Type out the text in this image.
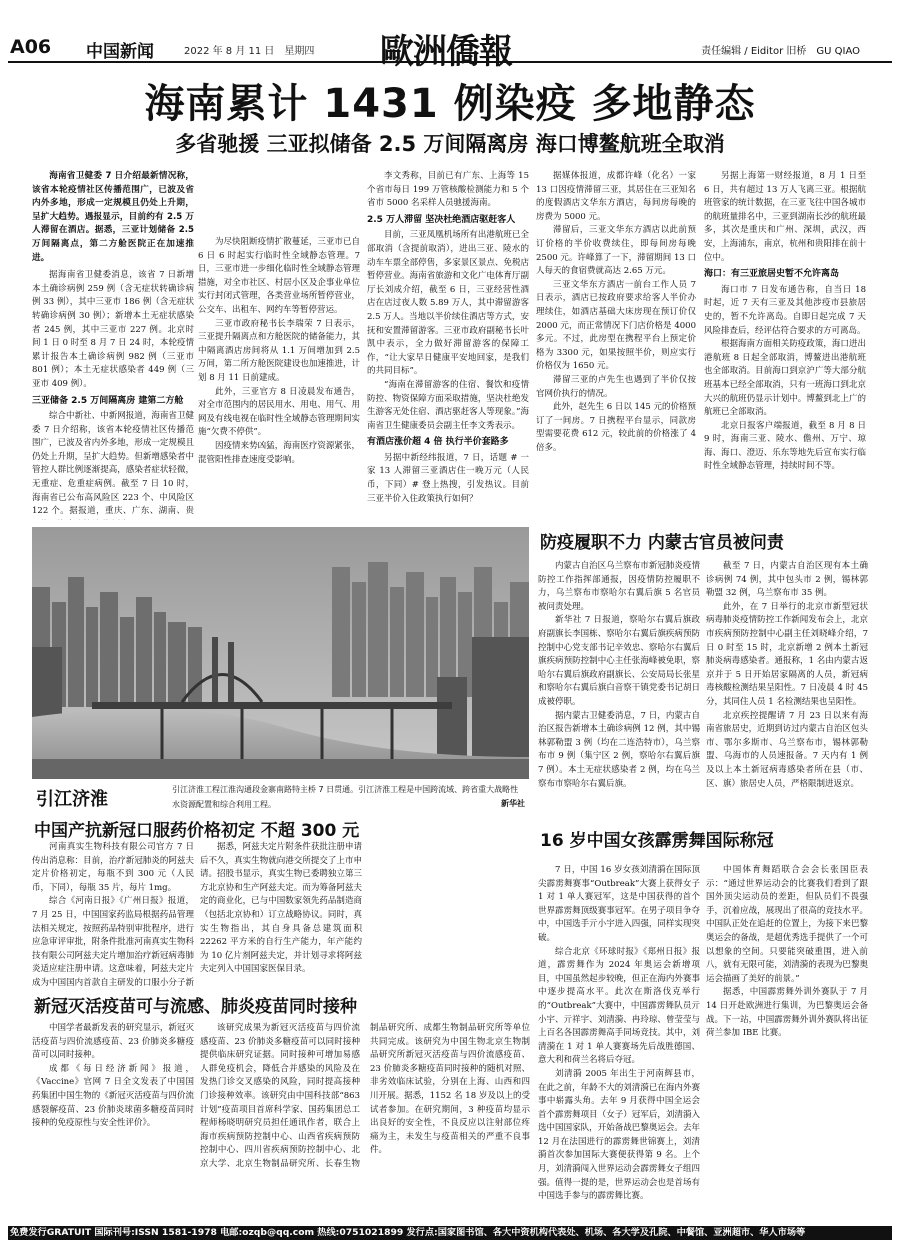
A06 中国新闻	2022 年 8 月 11 日　星期四 歐洲僑報	责任编辑 / Eiditor 旧桥　GU QIAO
海南累计 1431 例染疫 多地静态
多省驰援 三亚拟储备 2.5 万间隔离房 海口博鳌航班全取消

海南省卫健委 7 日介绍最新情况称，该省本轮疫情社区传播范围广，已波及省内外多地，形成一定规模且仍处上升期，呈扩大趋势。遇报显示，目前约有 2.5 万人滞留在酒店。据悉，三亚计划储备 2.5 万间隔离点，第二方舱医院正在加速推进。

据海南省卫健委消息，该省 7 日新增本土确诊病例 259 例（含无症状转确诊病例 33 例），其中三亚市 186 例（含无症状转确诊病例 30 例）；新增本土无症状感染者 245 例，其中三亚市 227 例。北京时间 1 日 0 时至 8 月 7 日 24 时，本轮疫情累计报告本土确诊病例 982 例（三亚市 801 例）；本土无症状感染者 449 例（三亚市 409 例）。

三亚储备 2.5 万间隔离房 建第二方舱

综合中新社、中新网报道，海南省卫健委 7 日介绍称，该省本轮疫情社区传播范围广，已波及省内外多地，形成一定规模且仍处上升期，呈扩大趋势。但新增感染者中管控人群比例逐渐提高，感染者症状轻微，无重症、危重症病例。截至 7 日 10 时，海南省已公布高风险区 223 个、中风险区 122 个。据报道，重庆、广东、湖南、贵

为尽快阻断疫情扩散蔓延，三亚市已自 6 日 6 时起实行临时性全域静态管理。7 日，三亚市进一步细化临时性全域静态管理措施，对全市社区、村居小区及企事业单位实行封闭式管理，各类营业场所暂停营业，公交车、出租车、网约车等暂停营运。

三亚市政府秘书长李瑞荣 7 日表示，三亚提升隔离点和方舱医院的储备能力，其中隔离酒店房间将从 1.1 万间增加到 2.5 万间，第二所方舱医院建设也加速推进，计划 8 月 11 日前建成。

此外，三亚官方 8 日凌晨发布通告，对全市范围内的居民用水、用电、用气、用网及有线电视在临时性全域静态管理期间实施“欠费不停供”。

因疫情来势凶猛，海南医疗资源紧张，混管阳性排查速度受影响。

李文秀称，目前已有广东、上海等 15 个省市每日 199 万管核酸检测能力和 5 个省市 5000 名采样人员驰援海南。

2.5 万人滞留 坚决杜绝酒店驱赶客人

目前，三亚凤凰机场所有出港航班已全部取消（含提前取消），进出三亚、陵水的动车车票全部停售，多家景区景点、免税店暂停营业。海南省旅游和文化广电体育厅副厅长刘成介绍，截至 6 日，三亚经营性酒店在店过夜人数 5.89 万人，其中滞留游客 2.5 万人。当地以半价续住酒店等方式，安抚和安置滞留游客。三亚市政府副秘书长叶凯中表示，全力做好滞留游客的保障工作，“让大家早日健康平安地回家，是我们的共同目标”。

“海南在滞留游客的住宿、餐饮和疫情防控、物资保障方面采取措施，坚决杜绝发生游客无处住宿、酒店驱赶客人等现象。”海南省卫生健康委员会副主任李文秀表示。

有酒店涨价超 4 倍 执行半价套路多

另据中新经纬报道，7 日，话题 # 一家 13 人滞留三亚酒店住一晚万元（人民币，下同）# 登上热搜，引发热议。目前三亚半价入住政策执行如何？

据媒体报道，成都许峰（化名）一家 13 口因疫情滞留三亚，其居住在三亚知名的度假酒店文华东方酒店，每间房每晚的房费为 5000 元。

滞留后，三亚文华东方酒店以此前预订价格的半价收费续住，即每间房每晚 2500 元。许峰算了一下，滞留期间 13 口人每天的食宿费就高达 2.65 万元。

三亚文华东方酒店一前台工作人员 7 日表示，酒店已按政府要求给客人半价办理续住，如酒店基础大床房现在预订价仅 2000 元，而正常情况下门店价格是 4000 多元。不过，此房型在携程平台上预定价格为 3300 元，如果按照半价，则应实行价格仅为 1650 元。

滞留三亚的卢先生也遇到了半价仅按官网价执行的情况。

此外，赵先生 6 日以 145 元的价格预订了一间房。7 日携程平台显示，同款房型需要花费 612 元，较此前的价格涨了 4 倍多。

另据上海第一财经报道，8 月 1 日至 6 日，共有超过 13 万人飞离三亚。根据航班管家的统计数据，在三亚飞往中国各城市的航班量排名中，三亚到湖南长沙的航班最多，其次是重庆和广州、深圳，武汉，西安，上海浦东，南京，杭州和贵阳排在前十位中。

海口：有三亚旅居史暂不允许离岛

海口市 7 日发布通告称，自当日 18 时起，近 7 天有三亚及其他涉疫市县旅居史的，暂不允许离岛。自即日起完成 7 天风险排查后，经评估符合要求的方可离岛。

根据海南方面相关防疫政策，海口进出港航班 8 日起全部取消，博鳌进出港航班也全部取消。目前海口到京沪广等大部分航班基本已经全部取消，只有一班海口到北京大兴的航班仍显示计划中。博鳌到北上广的航班已全部取消。

北京日报客户端报道，截至 8 月 8 日 9 时，海南三亚、陵水、儋州、万宁、琼海、海口、澄迈、乐东等地先后宣布实行临时性全域静态管理，持续时间不等。

引江济淮	引江济淮工程江淮沟通段金寨南路特主桥 7 日贯通。引江济淮工程是中国跨流域、跨省重大战略性水资源配置和综合利用工程。	新华社
防疫履职不力 内蒙古官员被问责

内蒙古自治区乌兰察布市新冠肺炎疫情防控工作指挥部通报，因疫情防控履职不力，乌兰察布市察哈尔右翼后旗 5 名官员被问责处理。

新华社 7 日报道，察哈尔右翼后旗政府副旗长李国栋、察哈尔右翼后旗疾病预防控制中心党支部书记辛效忠、察哈尔右翼后旗疾病预防控制中心主任张海峰被免职，察哈尔右翼后旗政府副旗长、公安局局长张星和察哈尔右翼后旗白音察干镇党委书记胡日成被停职。

据内蒙古卫健委消息，7 日，内蒙古自治区报告新增本土确诊病例 12 例，其中锡林郭勒盟 3 例（均在二连浩特市），乌兰察布市 9 例（集宁区 2 例，察哈尔右翼后旗 7 例）。本土无症状感染者 2 例，均在乌兰察布市察哈尔右翼后旗。

截至 7 日，内蒙古自治区现有本土确诊病例 74 例，其中包头市 2 例，锡林郭勒盟 32 例，乌兰察布市 35 例。

此外，在 7 日举行的北京市新型冠状病毒肺炎疫情防控工作新闻发布会上，北京市疾病预防控制中心副主任刘晓峰介绍，7 日 0 时至 15 时，北京新增 2 例本土新冠肺炎病毒感染者。通报称，1 名由内蒙古返京并于 5 日开始居家隔离的人员，新冠病毒核酸检测结果呈阳性。7 日凌晨 4 时 45 分，其同住人员 1 名检测结果也呈阳性。

北京疾控提醒请 7 月 23 日以来有海南省旅居史，近期到访过内蒙古自治区包头市、鄂尔多斯市、乌兰察布市，锡林郭勒盟、乌海市的人员速报备。7 天内有 1 例及以上本土新冠病毒感染者所在县（市、区、旗）旅居史人员，严格限制进返京。

16 岁中国女孩霹雳舞国际称冠

7 日，中国 16 岁女孩刘清漪在国际顶尖霹雳舞赛事“Outbreak”大赛上获得女子 1 对 1 单人赛冠军，这是中国获得的首个世界霹雳舞顶级赛事冠军。在男子项目争夺中，中国选手亓小宇进入四强，同样实现突破。

综合北京《环球时报》《郑州日报》报道，霹雳舞作为 2024 年奥运会新增项目，中国虽然起步较晚，但正在海内外赛事中逐步提高水平。此次在斯洛伐克举行的“Outbreak”大赛中，中国霹雳舞队员亓小宇、亓祥宇、刘清漪、冉玲琼、曾莹莹与上百名各国霹雳舞高手同场竞技。其中，刘清漪在 1 对 1 单人赛赛场先后战胜德国、意大利和荷兰名将后夺冠。

刘清漪 2005 年出生于河南辉县市，在此之前，年龄不大的刘清漪已在海内外赛事中崭露头角。去年 9 月获得中国全运会首个霹雳舞项目（女子）冠军后，刘清漪入选中国国家队，开始备战巴黎奥运会。去年 12 月在法国进行的霹雳舞世锦赛上，刘清漪首次参加国际大赛便获得第 9 名。上个月，刘清漪闯入世界运动会霹雳舞女子组四强。值得一提的是，世界运动会也是首场有中国选手参与的霹雳舞比赛。

中国体育舞蹈联合会会长张国臣表示：“通过世界运动会的比赛我们看到了跟国外顶尖运动员的差距，但队员们不畏强手，沉着应战，展现出了很高的竞技水平。中国队正处在追赶的位置上，为接下来巴黎奥运会的备战，是超优秀选手提供了一个可以想象的空间。只要能突破重围，进入前八，就有无限可能，刘清漪的表现为巴黎奥运会描画了美好的前景。”

据悉，中国霹雳舞外训外赛队于 7 月 14 日开赴欧洲进行集训，为巴黎奥运会备战。下一站，中国霹雳舞外训外赛队将出征荷兰参加 IBE 比赛。

中国产抗新冠口服药价格初定 不超 300 元

河南真实生物科技有限公司官方 7 日传出消息称：目前，治疗新冠肺炎的阿兹夫定片价格初定，每瓶不到 300 元（人民币，下同），每瓶 35 片，每片 1mg。

综合《河南日报》《广州日报》报道，7 月 25 日，中国国家药监局根据药品管理法相关规定，按照药品特别审批程序，进行应急审评审批，附条件批准河南真实生物科技有限公司阿兹夫定片增加治疗新冠病毒肺炎适应症注册申请。这意味着，阿兹夫定片成为中国国内首款自主研发的口服小分子新

据悉，阿兹夫定片附条件获批注册申请后不久，真实生物就向港交所提交了上市申请。招股书显示，真实生物已委聘独立第三方北京协和生产阿兹夫定。而为筹备阿兹夫定的商业化，已与中国数家领先药品制造商（包括北京协和）订立战略协议。同时，真实生物指出，其自身具备总建筑面积 22262 平方米的自行生产能力，年产能约为 10 亿片剂阿兹夫定，并计划寻求将阿兹夫定列入中国国家医保目录。

新冠灭活疫苗可与流感、肺炎疫苗同时接种

中国学者最新发表的研究显示，新冠灭活疫苗与四价流感疫苗、23 价肺炎多糖疫苗可以同时接种。

成都《每日经济新闻》报道，《Vaccine》官网 7 日全文发表了中国国药集团中国生物的《新冠灭活疫苗与四价流感裂解疫苗、23 价肺炎球菌多糖疫苗同时接种的免疫原性与安全性评价》。

该研究成果为新冠灭活疫苗与四价流感疫苗、23 价肺炎多糖疫苗可以同时接种提供临床研究证据。同时接种可增加易感人群免疫机会，降低合并感染的风险及在发热门诊交叉感染的风险，同时提高接种门诊接种效率。该研究由中国科技部“863 计划”疫苗项目首席科学家、国药集团总工程师杨晓明研究员担任通讯作者，联合上海市疾病预防控制中心、山西省疾病预防控制中心、四川省疾病预防控制中心、北京大学、北京生物制品研究所、长春生物制品研究所、成都生物制品研究所等单位共同完成。该研究为中国生物北京生物制品研究所新冠灭活疫苗与四价流感疫苗、23 价肺炎多糖疫苗同时接种的随机对照、非劣效临床试验，分别在上海、山西和四川开展。据悉，1152 名 18 岁及以上的受试者参加。在研究期间，3 种疫苗均显示出良好的安全性，不良反应以注射部位疼痛为主，未发生与疫苗相关的严重不良事件。

免费发行GRATUIT 国际刊号:ISSN 1581-1978 电邮:ozqb@qq.com 热线:0751021899 发行点:国家图书馆、各大中资机构代表处、机场、各大学及孔院、中餐馆、亚洲超市、华人市场等
